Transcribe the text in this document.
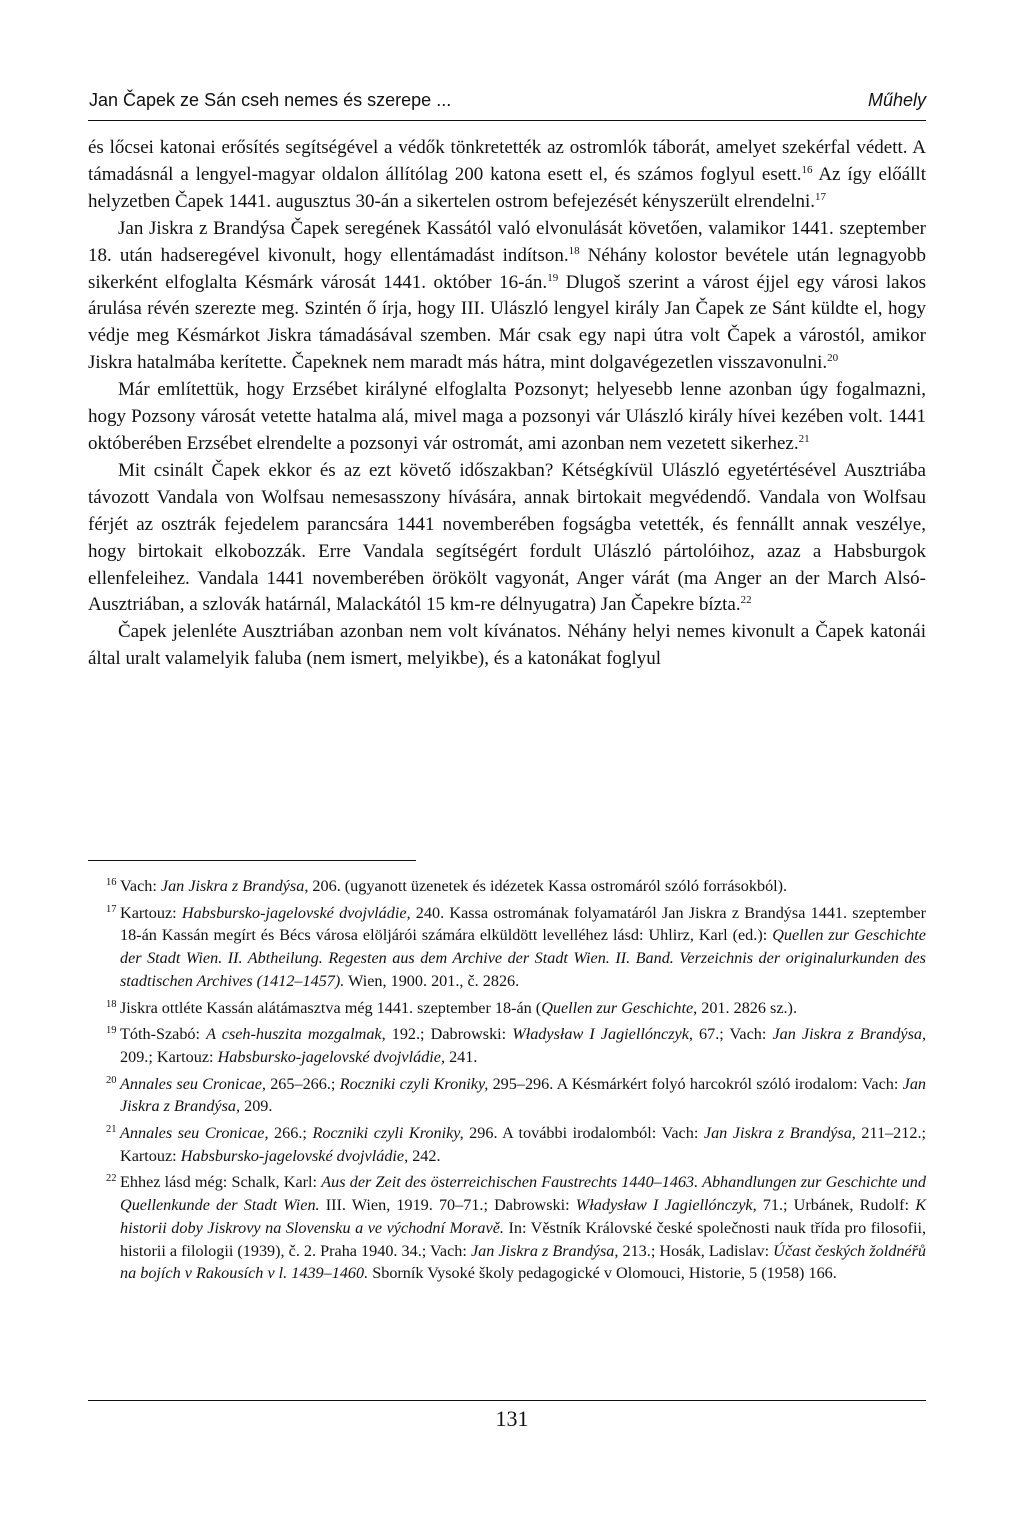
Jan Čapek ze Sán cseh nemes és szerepe ...	Műhely

és lőcsei katonai erősítés segítségével a védők tönkretették az ostromlók táborát, amelyet szekérfal védett. A támadásnál a lengyel-magyar oldalon állítólag 200 katona esett el, és számos foglyul esett.$^{16}$ Az így előállt helyzetben Čapek 1441. augusztus 30-án a sikertelen ostrom befejezését kényszerült elrendelni.$^{17}$

Jan Jiskra z Brandýsa Čapek seregének Kassától való elvonulását követően, valamikor 1441. szeptember 18. után hadseregével kivonult, hogy ellentámadást indítson.$^{18}$ Néhány kolostor bevétele után legnagyobb sikerként elfoglalta Késmárk városát 1441. október 16-án.$^{19}$ Dlugoš szerint a várost éjjel egy városi lakos árulása révén szerezte meg. Szintén ő írja, hogy III. Ulászló lengyel király Jan Čapek ze Sánt küldte el, hogy védje meg Késmárkot Jiskra támadásával szemben. Már csak egy napi útra volt Čapek a várostól, amikor Jiskra hatalmába kerítette. Čapeknek nem maradt más hátra, mint dolgavégezetlen visszavonulni.$^{20}$

Már említettük, hogy Erzsébet királyné elfoglalta Pozsonyt; helyesebb lenne azonban úgy fogalmazni, hogy Pozsony városát vetette hatalma alá, mivel maga a pozsonyi vár Ulászló király hívei kezében volt. 1441 októberében Erzsébet elrendelte a pozsonyi vár ostromát, ami azonban nem vezetett sikerhez.$^{21}$

Mit csinált Čapek ekkor és az ezt követő időszakban? Kétségkívül Ulászló egyetértésével Ausztriába távozott Vandala von Wolfsau nemesasszony hívására, annak birtokait megvédendő. Vandala von Wolfsau férjét az osztrák fejedelem parancsára 1441 novemberében fogságba vetették, és fennállt annak veszélye, hogy birtokait elkobozzák. Erre Vandala segítségért fordult Ulászló pártolóihoz, azaz a Habsburgok ellenfeleihez. Vandala 1441 novemberében örökölt vagyonát, Anger várát (ma Anger an der March Alsó-Ausztriában, a szlovák határnál, Malackától 15 km-re délnyugatra) Jan Čapekre bízta.$^{22}$

Čapek jelenléte Ausztriában azonban nem volt kívánatos. Néhány helyi nemes kivonult a Čapek katonái által uralt valamelyik faluba (nem ismert, melyikbe), és a katonákat foglyul

16 Vach: Jan Jiskra z Brandýsa, 206. (ugyanott üzenetek és idézetek Kassa ostromáról szóló forrásokból).
17 Kartouz: Habsbursko-jagelovské dvojvládie, 240. Kassa ostromának folyamatáról Jan Jiskra z Brandýsa 1441. szeptember 18-án Kassán megírt és Bécs városa elöljárói számára elküldött levelléhez lásd: Uhlirz, Karl (ed.): Quellen zur Geschichte der Stadt Wien. II. Abtheilung. Regesten aus dem Archive der Stadt Wien. II. Band. Verzeichnis der originalurkunden des stadtischen Archives (1412–1457). Wien, 1900. 201., č. 2826.
18 Jiskra ottléte Kassán alátámasztva még 1441. szeptember 18-án (Quellen zur Geschichte, 201. 2826 sz.).
19 Tóth-Szabó: A cseh-huszita mozgalmak, 192.; Dabrowski: Władysław I Jagiellónczyk, 67.; Vach: Jan Jiskra z Brandýsa, 209.; Kartouz: Habsbursko-jagelovské dvojvládie, 241.
20 Annales seu Cronicae, 265–266.; Roczniki czyli Kroniky, 295–296. A Késmárkért folyó harcokról szóló irodalom: Vach: Jan Jiskra z Brandýsa, 209.
21 Annales seu Cronicae, 266.; Roczniki czyli Kroniky, 296. A további irodalomból: Vach: Jan Jiskra z Brandýsa, 211–212.; Kartouz: Habsbursko-jagelovské dvojvládie, 242.
22 Ehhez lásd még: Schalk, Karl: Aus der Zeit des österreichischen Faustrechts 1440–1463. Abhandlungen zur Geschichte und Quellenkunde der Stadt Wien. III. Wien, 1919. 70–71.; Dabrowski: Władysław I Jagiellónczyk, 71.; Urbánek, Rudolf: K historii doby Jiskrovy na Slovensku a ve východní Moravě. In: Věstník Královské české společnosti nauk třída pro filosofii, historii a filologii (1939), č. 2. Praha 1940. 34.; Vach: Jan Jiskra z Brandýsa, 213.; Hosák, Ladislav: Účast českých žoldnéřů na bojích v Rakousích v l. 1439–1460. Sborník Vysoké školy pedagogické v Olomouci, Historie, 5 (1958) 166.
131
